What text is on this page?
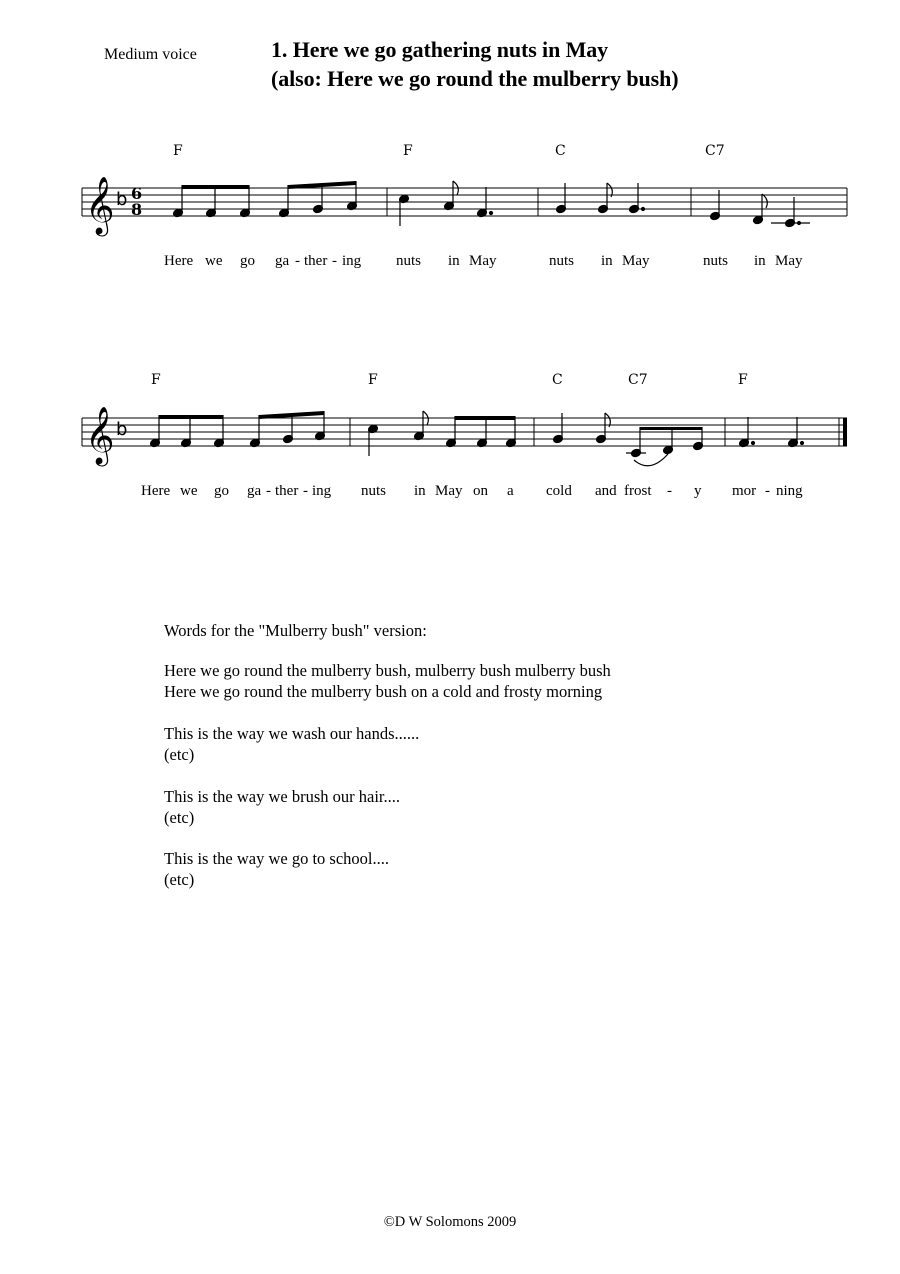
Medium voice	1. Here we go gathering nuts in May
(also: Here we go round the mulberry bush)
F	F	C	C7
𝄞 b 6
8
Here we go ga - ther - ing nuts in May	nuts in May	nuts in May
F	F	C	C7	F
𝄞 b
Here we go ga - ther - ing nuts in May on a cold and frost - y mor - ning
Words for the "Mulberry bush" version:
Here we go round the mulberry bush, mulberry bush mulberry bush
Here we go round the mulberry bush on a cold and frosty morning
This is the way we wash our hands......
(etc)
This is the way we brush our hair....
(etc)
This is the way we go to school....
(etc)
©D W Solomons 2009
